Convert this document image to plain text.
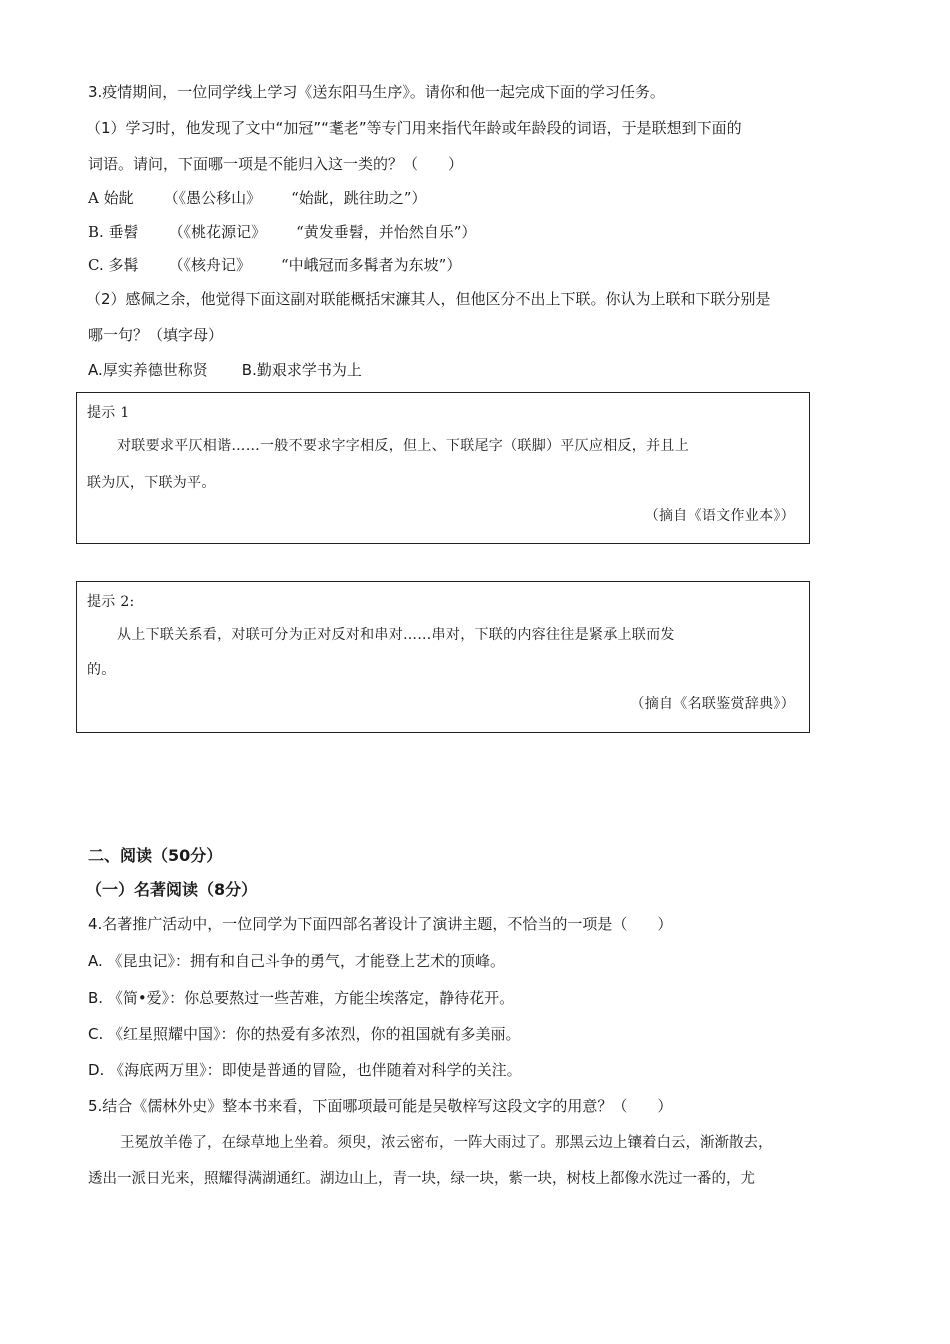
3.疫情期间，一位同学线上学习《送东阳马生序》。请你和他一起完成下面的学习任务。
（1）学习时，他发现了文中“加冠”“耄老”等专门用来指代年龄或年龄段的词语，于是联想到下面的
词语。请问，下面哪一项是不能归入这一类的？（　　）
A 始龀 （《愚公移山》 “始龀，跳往助之”）
B. 垂髫 （《桃花源记》 “黄发垂髫，并怡然自乐”）
C. 多髯 （《核舟记》 “中峨冠而多髯者为东坡”）
（2）感佩之余，他觉得下面这副对联能概括宋濂其人，但他区分不出上下联。你认为上联和下联分别是
哪一句？（填字母）
A.厚实养德世称贤 B.勤艰求学书为上
提示 1
对联要求平仄相谐……一般不要求字字相反，但上、下联尾字（联脚）平仄应相反，并且上
联为仄，下联为平。
（摘自《语文作业本》）
提示 2:
从上下联关系看，对联可分为正对反对和串对……串对，下联的内容往往是紧承上联而发
的。
（摘自《名联鉴赏辞典》）
二、阅读（50分）
（一）名著阅读（8分）
4.名著推广活动中，一位同学为下面四部名著设计了演讲主题，不恰当的一项是（　　）
A. 《昆虫记》：拥有和自己斗争的勇气，才能登上艺术的顶峰。
B. 《简•爱》：你总要熬过一些苦难，方能尘埃落定，静待花开。
C. 《红星照耀中国》：你的热爱有多浓烈，你的祖国就有多美丽。
D. 《海底两万里》：即使是普通的冒险，也伴随着对科学的关注。
5.结合《儒林外史》整本书来看，下面哪项最可能是吴敬梓写这段文字的用意？（　　）
王冕放羊倦了，在绿草地上坐着。须臾，浓云密布，一阵大雨过了。那黑云边上镶着白云，渐渐散去，
透出一派日光来，照耀得满湖通红。湖边山上，青一块，绿一块，紫一块，树枝上都像水洗过一番的，尤
